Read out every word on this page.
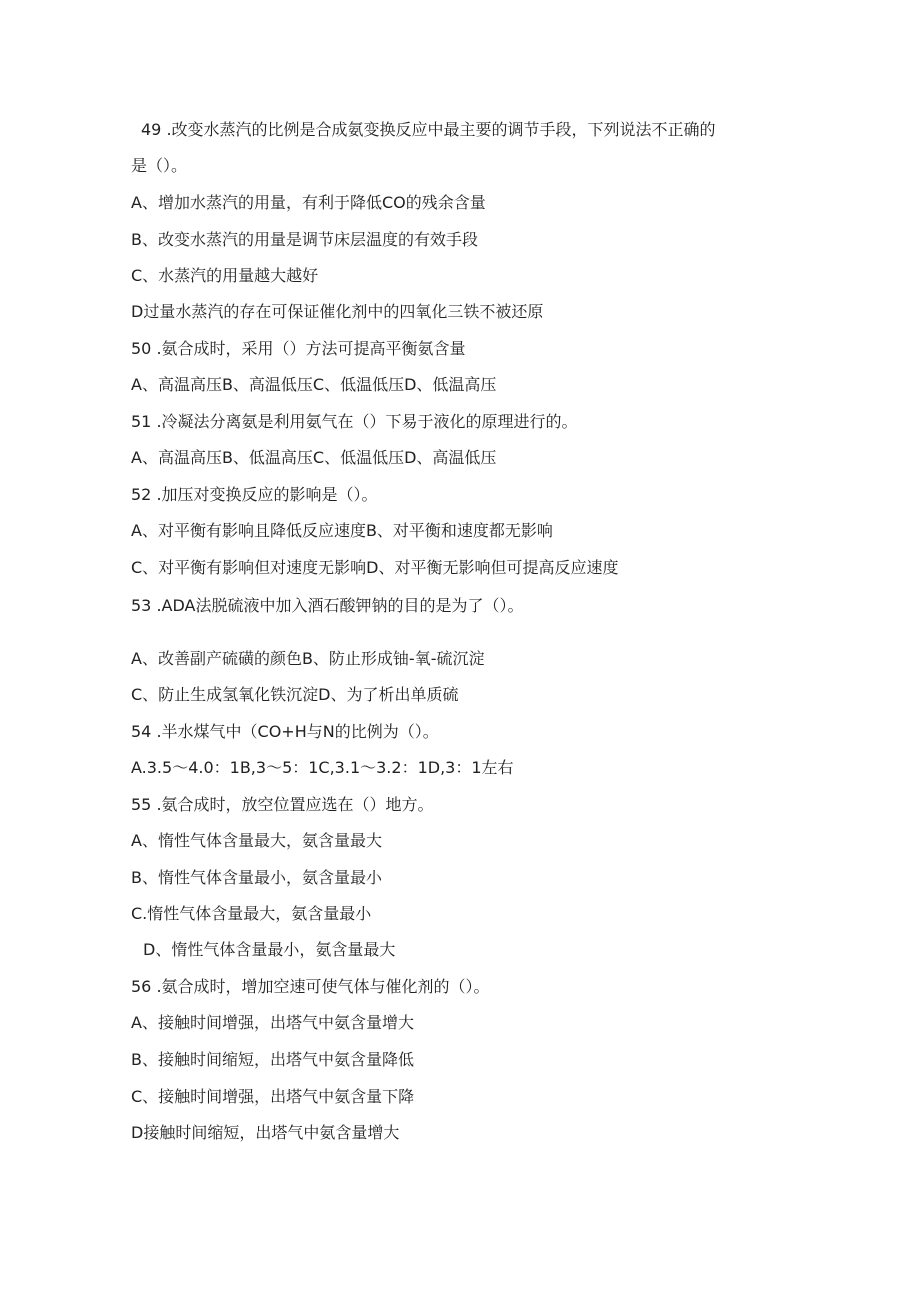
49 .改变水蒸汽的比例是合成氨变换反应中最主要的调节手段，下列说法不正确的
是（）。
A、增加水蒸汽的用量，有利于降低CO的残余含量
B、改变水蒸汽的用量是调节床层温度的有效手段
C、水蒸汽的用量越大越好
D过量水蒸汽的存在可保证催化剂中的四氧化三铁不被还原
50 .氨合成时，采用（）方法可提高平衡氨含量
A、高温高压B、高温低压C、低温低压D、低温高压
51 .冷凝法分离氨是利用氨气在（）下易于液化的原理进行的。
A、高温高压B、低温高压C、低温低压D、高温低压
52 .加压对变换反应的影响是（）。
A、对平衡有影响且降低反应速度B、对平衡和速度都无影响
C、对平衡有影响但对速度无影响D、对平衡无影响但可提高反应速度
53 .ADA法脱硫液中加入酒石酸钾钠的目的是为了（）。
A、改善副产硫磺的颜色B、防止形成铀-氧-硫沉淀
C、防止生成氢氧化铁沉淀D、为了析出单质硫
54 .半水煤气中（CO+H与N的比例为（）。
A.3.5〜4.0：1B,3〜5：1C,3.1〜3.2：1D,3：1左右
55 .氨合成时，放空位置应选在（）地方。
A、惰性气体含量最大，氨含量最大
B、惰性气体含量最小，氨含量最小
C.惰性气体含量最大，氨含量最小
D、惰性气体含量最小，氨含量最大
56 .氨合成时，增加空速可使气体与催化剂的（）。
A、接触时间增强，出塔气中氨含量增大
B、接触时间缩短，出塔气中氨含量降低
C、接触时间增强，出塔气中氨含量下降
D接触时间缩短，出塔气中氨含量增大
